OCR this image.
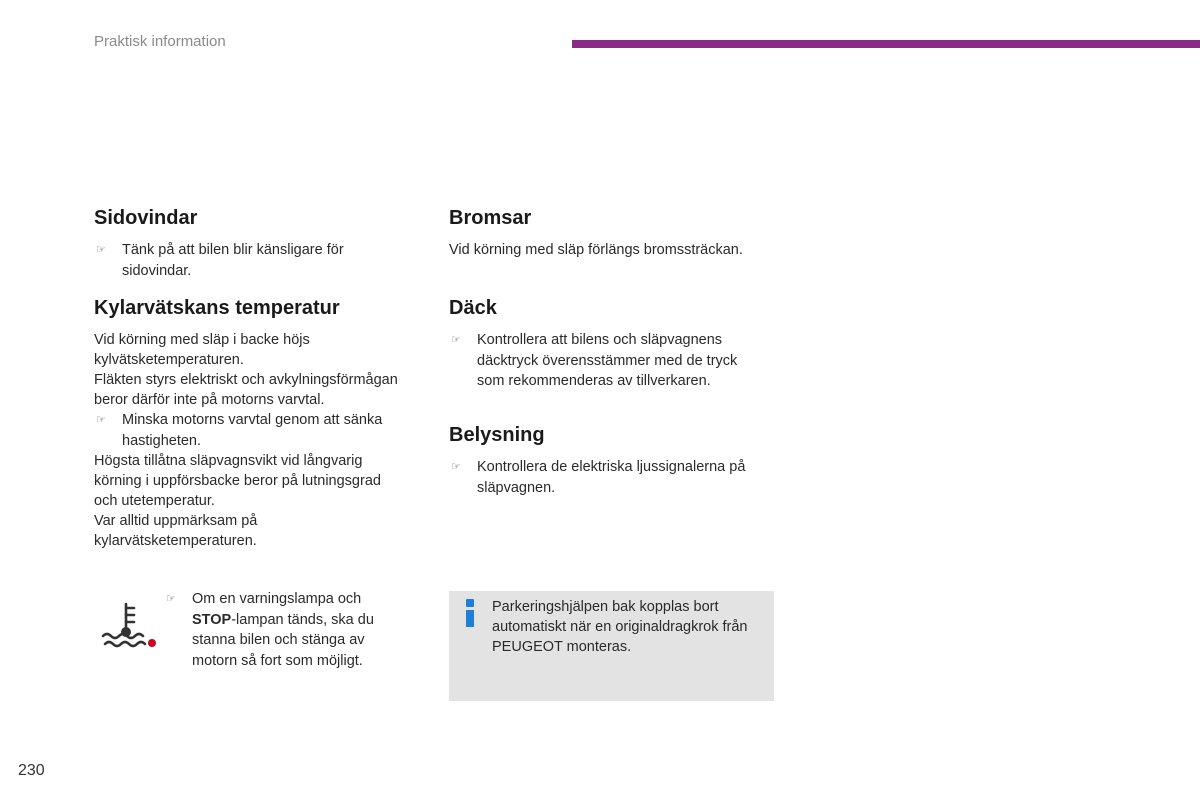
Praktisk information
Sidovindar
☞ Tänk på att bilen blir känsligare för
sidovindar.
Kylarvätskans temperatur
Vid körning med släp i backe höjs
kylvätsketemperaturen.
Fläkten styrs elektriskt och avkylningsförmågan
beror därför inte på motorns varvtal.
☞ Minska motorns varvtal genom att sänka
hastigheten.
Högsta tillåtna släpvagnsvikt vid långvarig
körning i uppförsbacke beror på lutningsgrad
och utetemperatur.
Var alltid uppmärksam på
kylarvätsketemperaturen.
☞ Om en varningslampa och
STOP-lampan tänds, ska du
stanna bilen och stänga av
motorn så fort som möjligt.
Bromsar
Vid körning med släp förlängs bromssträckan.
Däck
☞ Kontrollera att bilens och släpvagnens
däcktryck överensstämmer med de tryck
som rekommenderas av tillverkaren.
Belysning
☞ Kontrollera de elektriska ljussignalerna på
släpvagnen.
Parkeringshjälpen bak kopplas bort
automatiskt när en originaldragkrok från
PEUGEOT monteras.
230
